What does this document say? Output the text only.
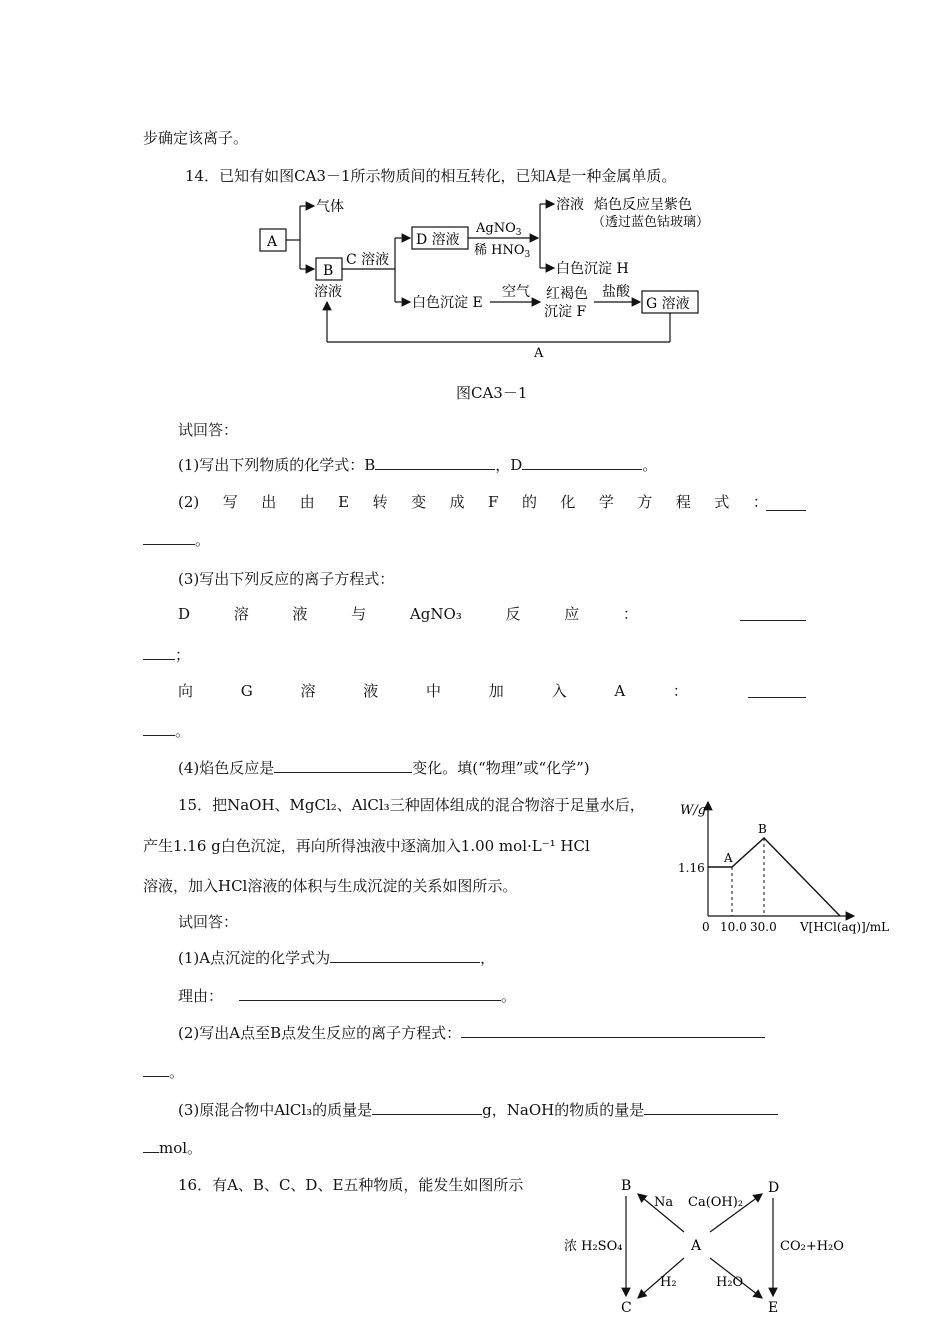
步确定该离子。
14．已知有如图CA3－1所示物质间的相互转化，已知A是一种金属单质。
A
气体
B
溶液
C 溶液
D 溶液
AgNO$_3$
稀 $HNO_3$
溶液 焰色反应呈紫色
（透过蓝色钴玻璃）
白色沉淀 H
白色沉淀 E
空气 红褐色
沉淀 F
盐酸
G 溶液
A
图CA3－1
试回答：
(1)写出下列物质的化学式：B	，D	。
(2) 写 出 由 E 转 变 成 F 的 化 学 方 程 式 ：
。
(3)写出下列反应的离子方程式：
D	溶	液	与	AgNO₃	反	应	：
；
向	G	溶	液	中	加	入	A	：
。
(4)焰色反应是	变化。填(“物理”或“化学”)
15．把NaOH、MgCl₂、AlCl₃三种固体组成的混合物溶于足量水后，
产生1.16 g白色沉淀，再向所得浊液中逐滴加入1.00 mol·L⁻¹ HCl
溶液，加入HCl溶液的体积与生成沉淀的关系如图所示。
W/g
V[HCl(aq)]/mL
1.16
0 10.0 30.0
A
B
试回答：
(1)A点沉淀的化学式为	，
理由：	。
(2)写出A点至B点发生反应的离子方程式：
。
(3)原混合物中AlCl₃的质量是	g，NaOH的物质的量是
mol。
16．有A、B、C、D、E五种物质，能发生如图所示	B	D
A
C	E
浓 H₂SO₄	CO₂+H₂O
Na Ca(OH)₂
H₂	H₂O
